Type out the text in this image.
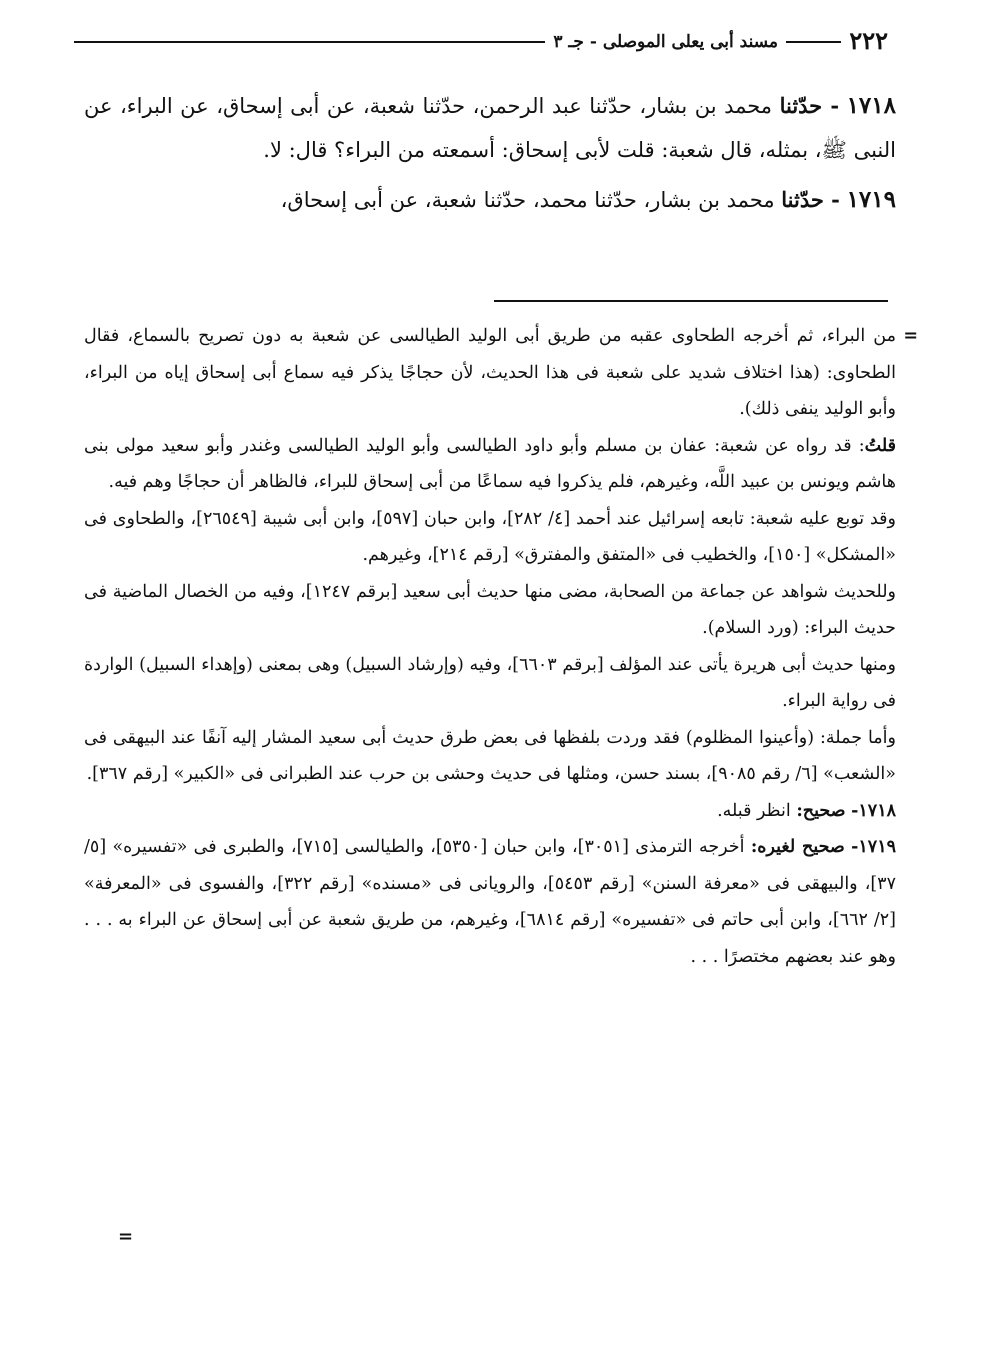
٢٢٢
مسند أبى يعلى الموصلى - جـ ٣

١٧١٨ - حدّثنا محمد بن بشار، حدّثنا عبد الرحمن، حدّثنا شعبة، عن أبى إسحاق، عن البراء، عن النبى ﷺ، بمثله، قال شعبة: قلت لأبى إسحاق: أسمعته من البراء؟ قال: لا.

١٧١٩ - حدّثنا محمد بن بشار، حدّثنا محمد، حدّثنا شعبة، عن أبى إسحاق،

=
من البراء، ثم أخرجه الطحاوى عقبه من طريق أبى الوليد الطيالسى عن شعبة به دون تصريح بالسماع، فقال الطحاوى: (هذا اختلاف شديد على شعبة فى هذا الحديث، لأن حجاجًا يذكر فيه سماع أبى إسحاق إياه من البراء، وأبو الوليد ينفى ذلك).

قلتُ: قد رواه عن شعبة: عفان بن مسلم وأبو داود الطيالسى وأبو الوليد الطيالسى وغندر وأبو سعيد مولى بنى هاشم ويونس بن عبيد اللَّه، وغيرهم، فلم يذكروا فيه سماعًا من أبى إسحاق للبراء، فالظاهر أن حجاجًا وهم فيه.

وقد توبع عليه شعبة: تابعه إسرائيل عند أحمد [٤/ ٢٨٢]، وابن حبان [٥٩٧]، وابن أبى شيبة [٢٦٥٤٩]، والطحاوى فى «المشكل» [١٥٠]، والخطيب فى «المتفق والمفترق» [رقم ٢١٤]، وغيرهم.

وللحديث شواهد عن جماعة من الصحابة، مضى منها حديث أبى سعيد [برقم ١٢٤٧]، وفيه من الخصال الماضية فى حديث البراء: (ورد السلام).

ومنها حديث أبى هريرة يأتى عند المؤلف [برقم ٦٦٠٣]، وفيه (وإرشاد السبيل) وهى بمعنى (وإهداء السبيل) الواردة فى رواية البراء.

وأما جملة: (وأعينوا المظلوم) فقد وردت بلفظها فى بعض طرق حديث أبى سعيد المشار إليه آنفًا عند البيهقى فى «الشعب» [٦/ رقم ٩٠٨٥]، بسند حسن، ومثلها فى حديث وحشى بن حرب عند الطبرانى فى «الكبير» [رقم ٣٦٧].

١٧١٨- صحيح: انظر قبله.

١٧١٩- صحيح لغيره: أخرجه الترمذى [٣٠٥١]، وابن حبان [٥٣٥٠]، والطيالسى [٧١٥]، والطبرى فى «تفسيره» [٥/ ٣٧]، والبيهقى فى «معرفة السنن» [رقم ٥٤٥٣]، والرويانى فى «مسنده» [رقم ٣٢٢]، والفسوى فى «المعرفة» [٢/ ٦٦٢]، وابن أبى حاتم فى «تفسيره» [رقم ٦٨١٤]، وغيرهم، من طريق شعبة عن أبى إسحاق عن البراء به . . . وهو عند بعضهم مختصرًا . . .

=
